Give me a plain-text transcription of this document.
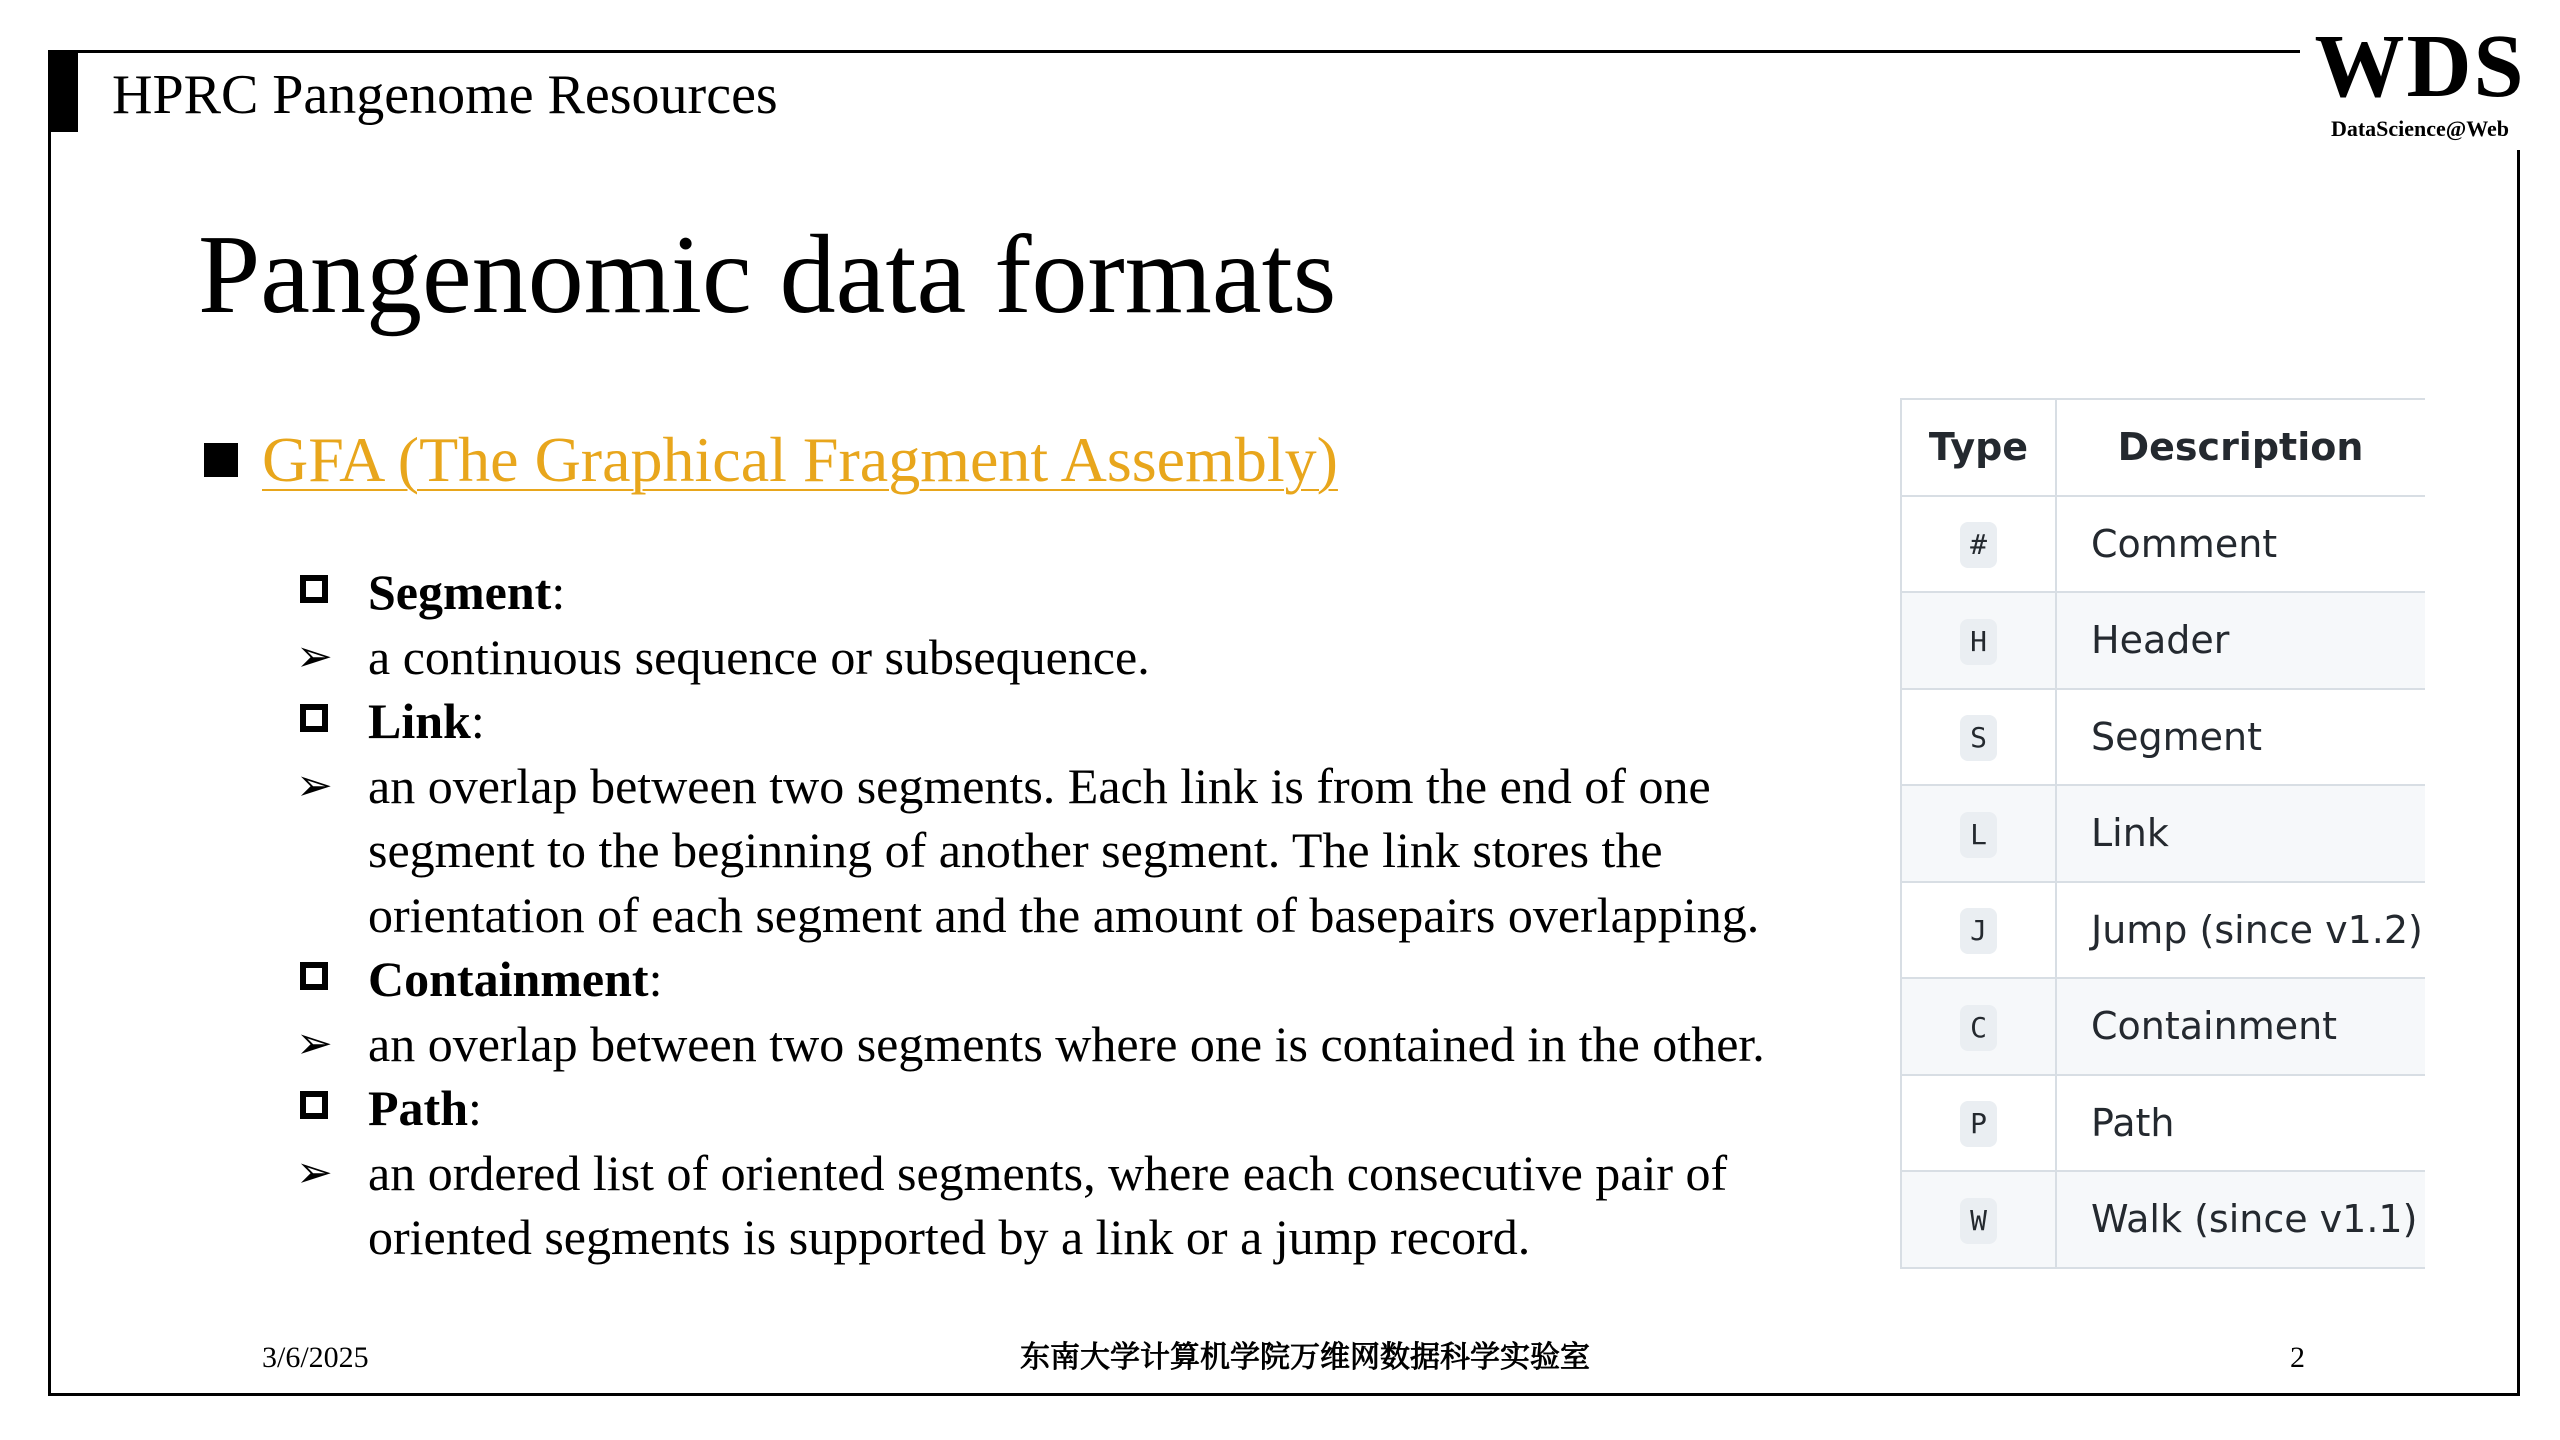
HPRC Pangenome Resources	WDS
DataScience@Web
Pangenomic data formats
GFA (The Graphical Fragment Assembly)
Segment:
➢ a continuous sequence or subsequence.
Link:
➢ an overlap between two segments. Each link is from the end of one
segment to the beginning of another segment. The link stores the
orientation of each segment and the amount of basepairs overlapping.
Containment:
➢ an overlap between two segments where one is contained in the other.
Path:
➢ an ordered list of oriented segments, where each consecutive pair of
oriented segments is supported by a link or a jump record.
Type	Description
#	Comment
H	Header
S	Segment
L	Link
J	Jump (since v1.2)
C	Containment
P	Path
W	Walk (since v1.1)
3/6/2025	东南大学计算机学院万维网数据科学实验室	2
